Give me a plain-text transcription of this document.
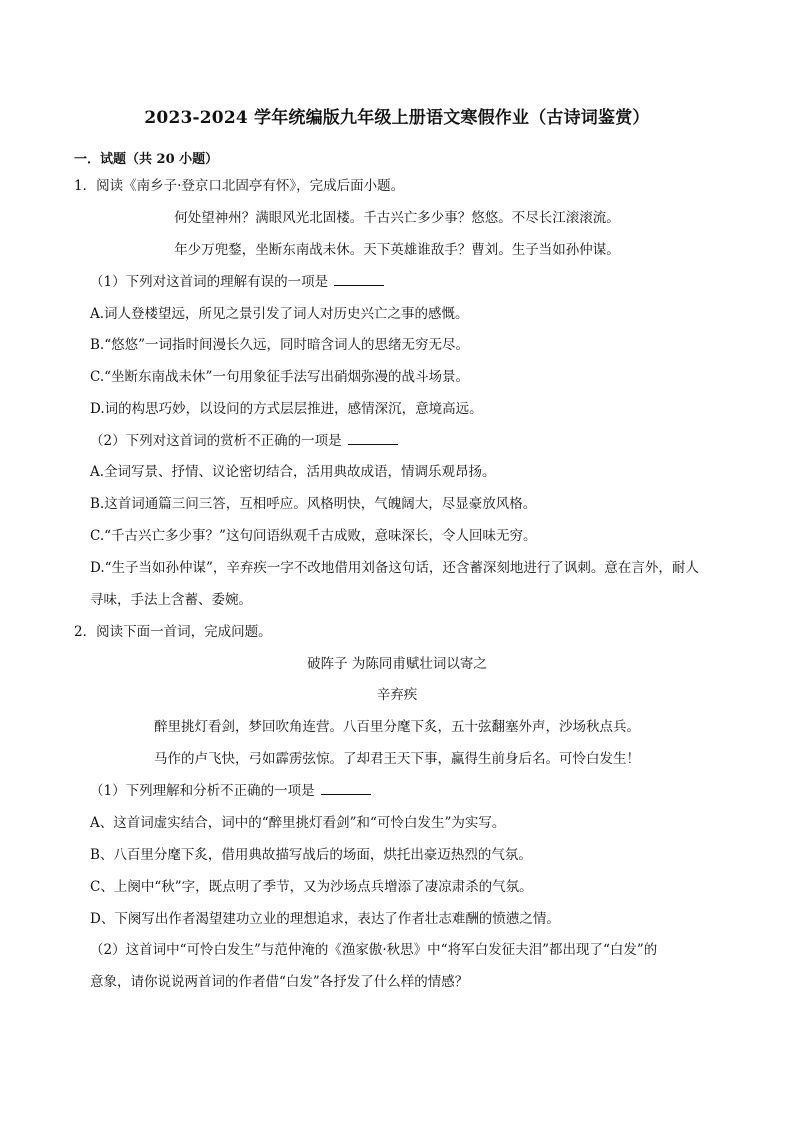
2023-2024 学年统编版九年级上册语文寒假作业（古诗词鉴赏）
一．试题（共 20 小题）
1．阅读《南乡子·登京口北固亭有怀》，完成后面小题。
何处望神州？满眼风光北固楼。千古兴亡多少事？悠悠。不尽长江滚滚流。
年少万兜鍪，坐断东南战未休。天下英雄谁敌手？曹刘。生子当如孙仲谋。
（1）下列对这首词的理解有误的一项是
A.词人登楼望远，所见之景引发了词人对历史兴亡之事的感慨。
B.“悠悠”一词指时间漫长久远，同时暗含词人的思绪无穷无尽。
C.“坐断东南战未休”一句用象征手法写出硝烟弥漫的战斗场景。
D.词的构思巧妙，以设问的方式层层推进，感情深沉，意境高远。
（2）下列对这首词的赏析不正确的一项是
A.全词写景、抒情、议论密切结合，活用典故成语，情调乐观昂扬。
B.这首词通篇三问三答，互相呼应。风格明快，气魄阔大，尽显豪放风格。
C.“千古兴亡多少事？”这句问语纵观千古成败，意味深长，令人回味无穷。
D.“生子当如孙仲谋”，辛弃疾一字不改地借用刘备这句话，还含蓄深刻地进行了讽刺。意在言外，耐人
寻味，手法上含蓄、委婉。
2．阅读下面一首词，完成问题。
破阵子 为陈同甫赋壮词以寄之
辛弃疾
醉里挑灯看剑，梦回吹角连营。八百里分麾下炙，五十弦翻塞外声，沙场秋点兵。
马作的卢飞快，弓如霹雳弦惊。了却君王天下事，赢得生前身后名。可怜白发生！
（1）下列理解和分析不正确的一项是
A、这首词虚实结合，词中的“醉里挑灯看剑”和“可怜白发生”为实写。
B、八百里分麾下炙，借用典故描写战后的场面，烘托出豪迈热烈的气氛。
C、上阕中“秋”字，既点明了季节，又为沙场点兵增添了凄凉肃杀的气氛。
D、下阕写出作者渴望建功立业的理想追求，表达了作者壮志难酬的愤懑之情。
（2）这首词中“可怜白发生”与范仲淹的《渔家傲·秋思》中“将军白发征夫泪”都出现了“白发”的
意象，请你说说两首词的作者借“白发”各抒发了什么样的情感？
